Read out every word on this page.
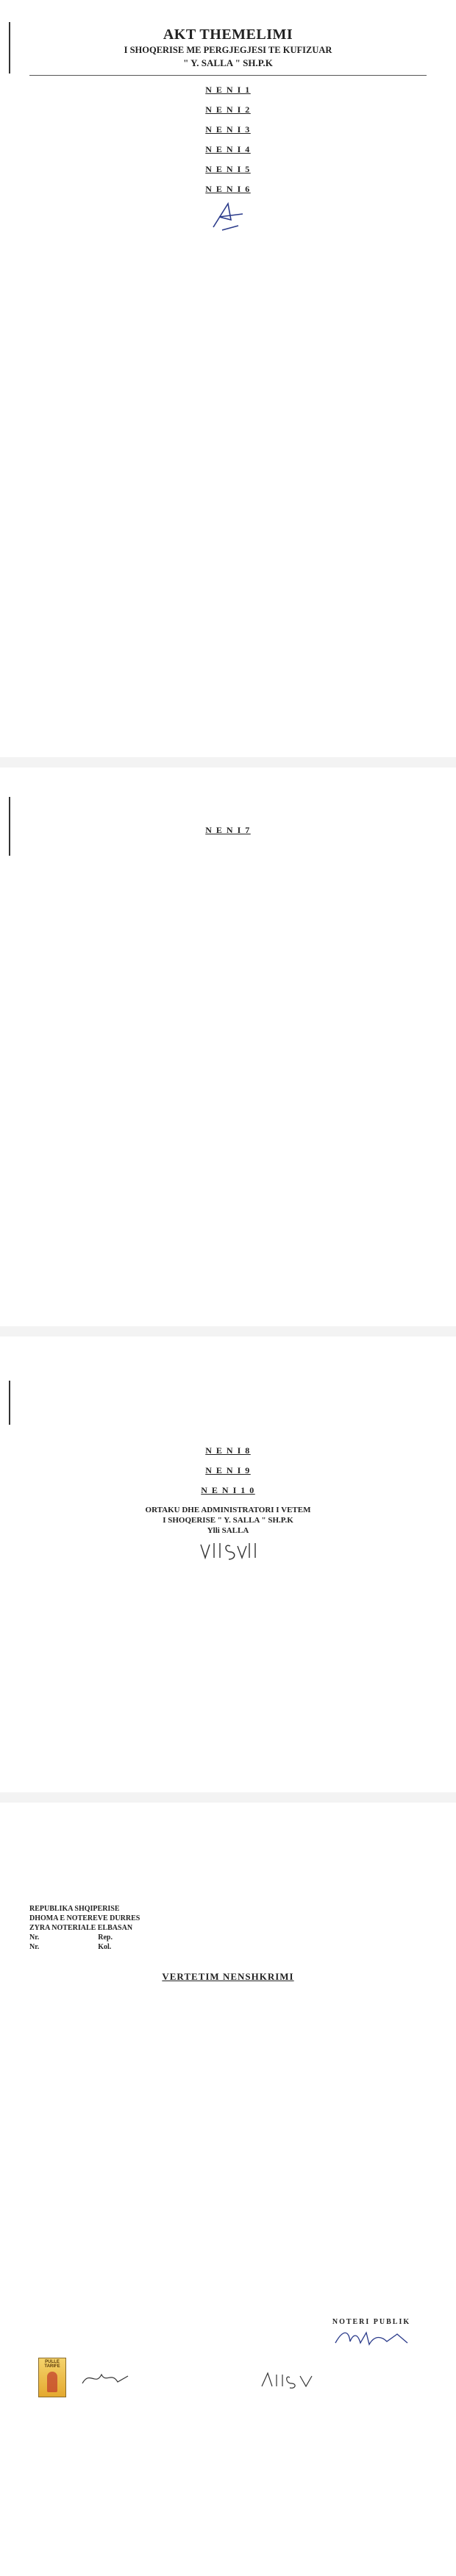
AKT THEMELIMI
I SHOQERISE ME PERGJEGJESI TE KUFIZUAR
" Y. SALLA " SH.P.K

N E N I 1

N E N I 2

N E N I 3

N E N I 4

N E N I 5

N E N I 6

N E N I 7

N E N I 8

N E N I 9

N E N I 1 0

ORTAKU DHE ADMINISTRATORI I VETEM
I SHOQERISE " Y. SALLA " SH.P.K
Ylli SALLA
REPUBLIKA SHQIPERISE
DHOMA E NOTEREVE DURRES
ZYRA NOTERIALE ELBASAN
Nr.	Rep.
Nr.	Kol.
VERTETIM NENSHKRIMI
NOTERI PUBLIK
PULLE TARIFE
